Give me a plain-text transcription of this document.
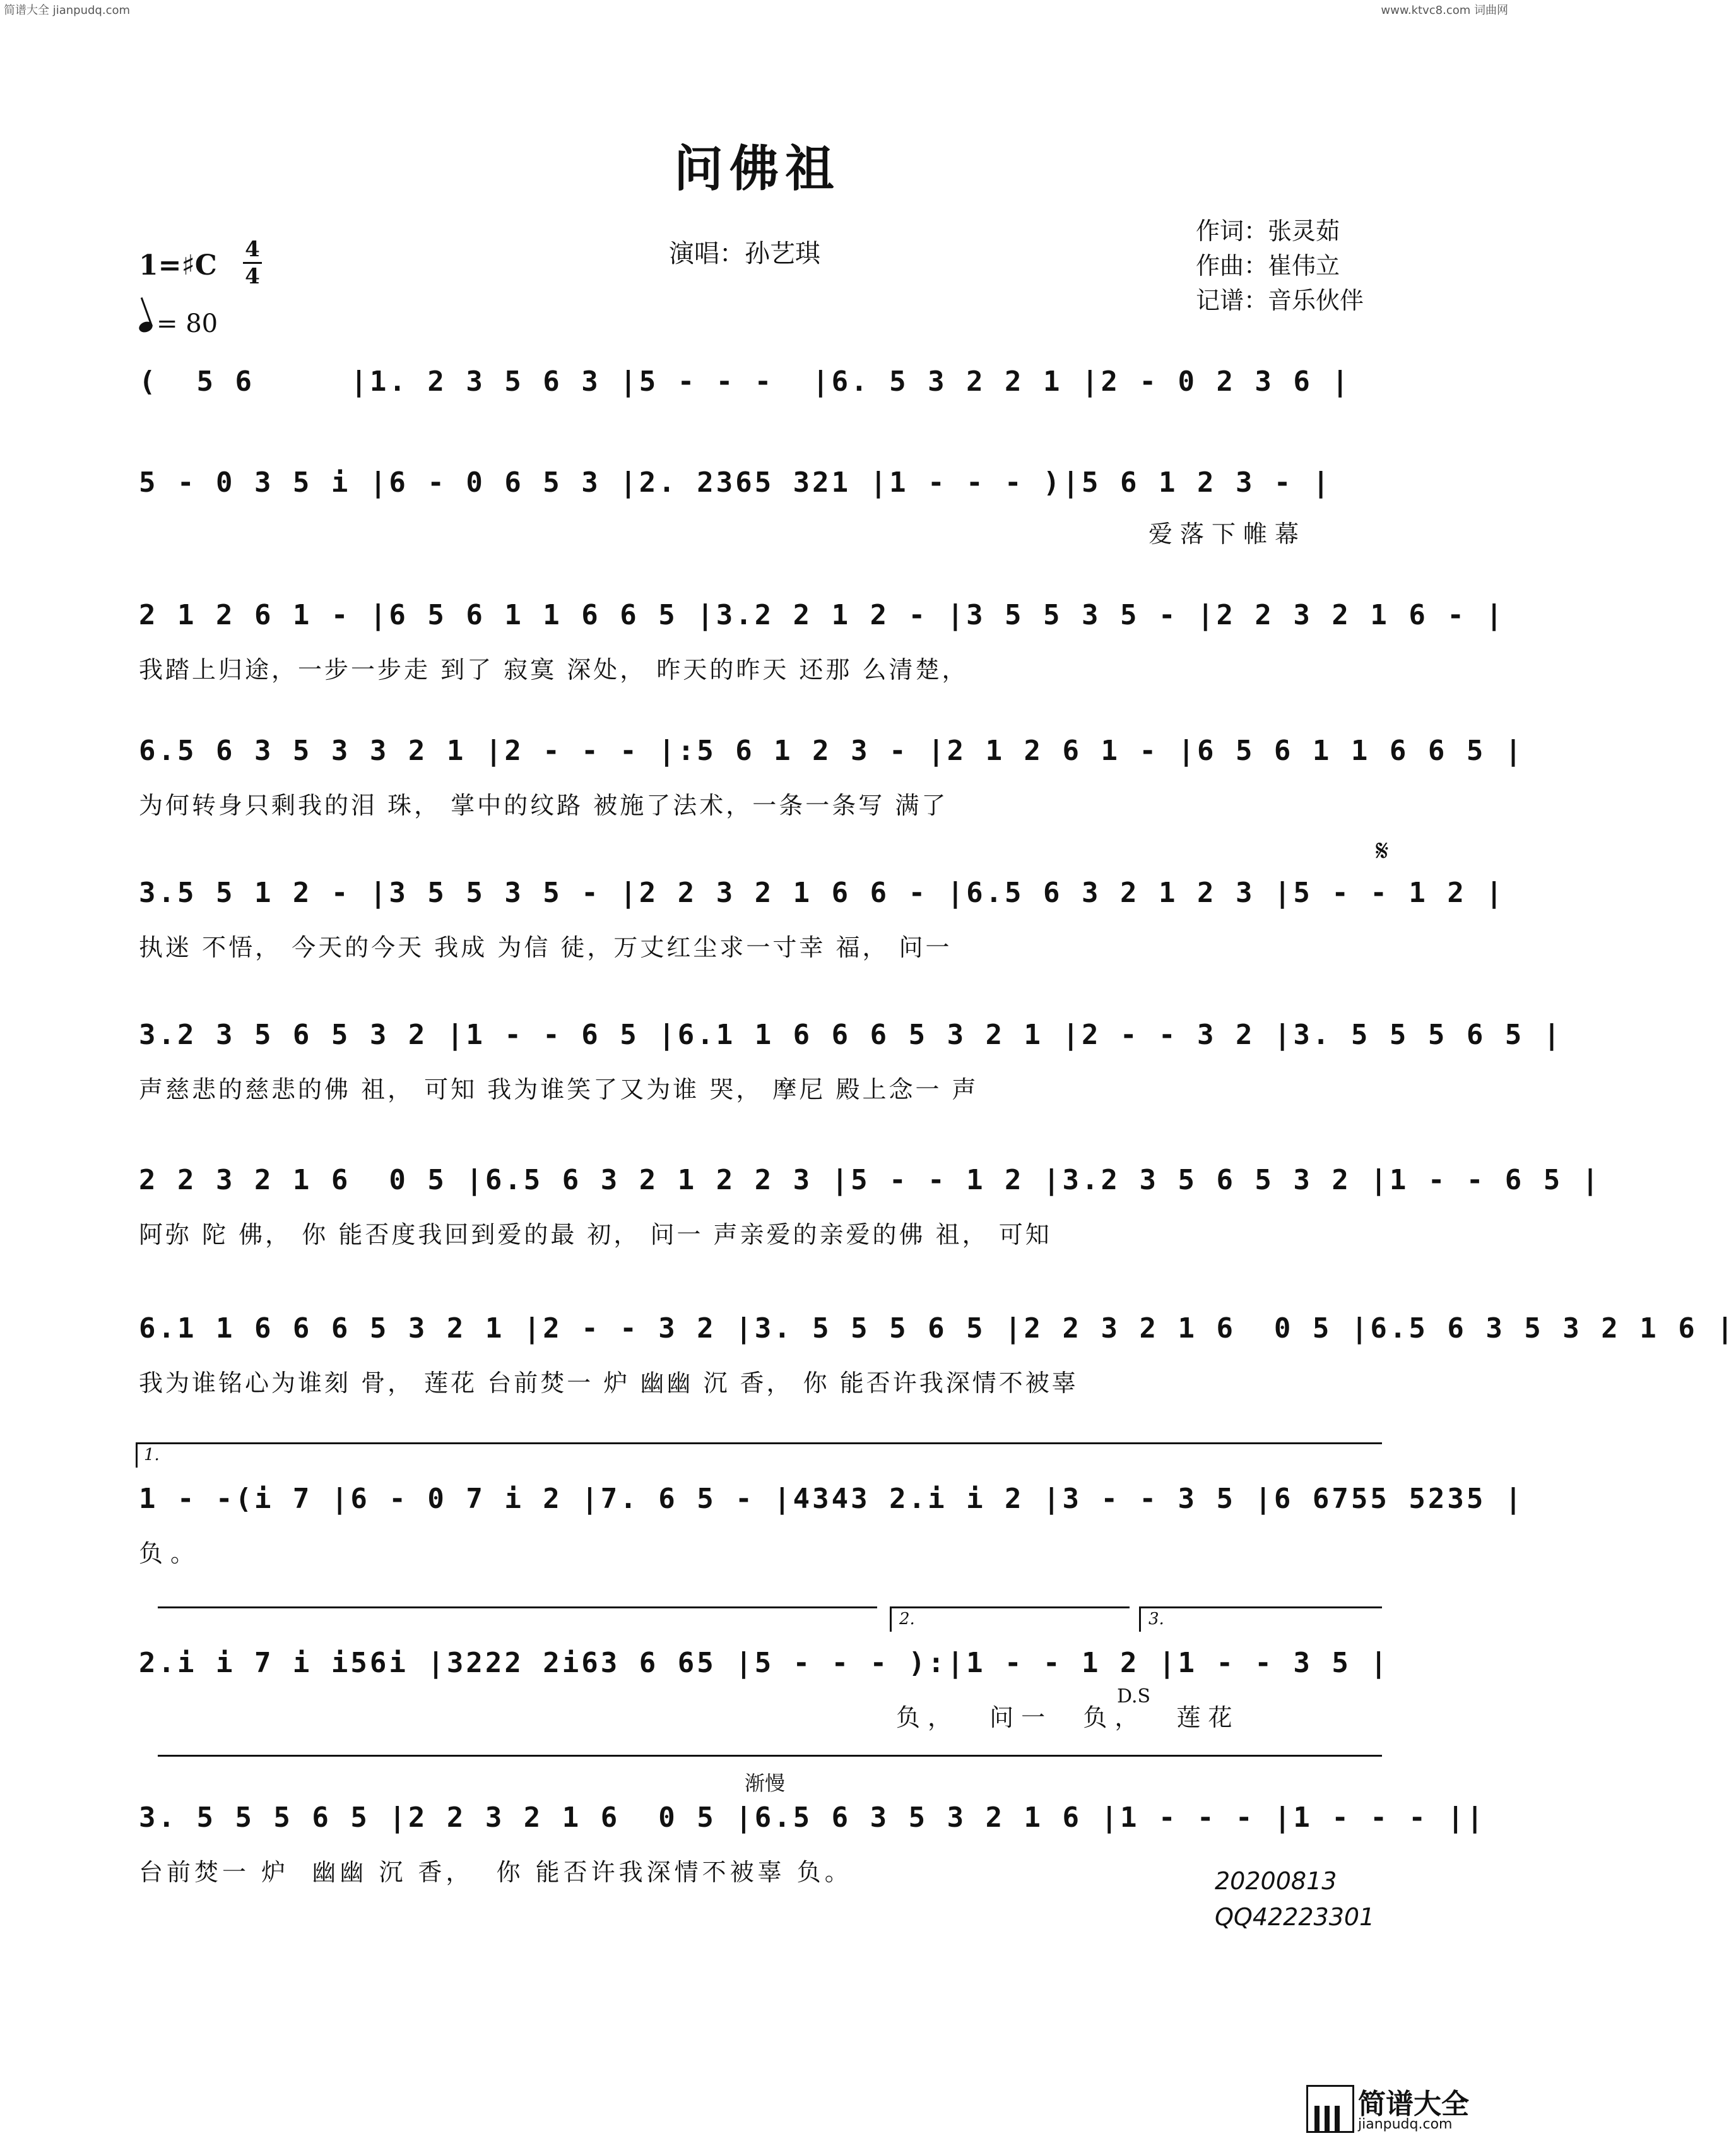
简谱大全 jianpudq.com	www.ktvc8.com 词曲网
问佛祖
演唱：孙艺琪
作词：张灵茹
作曲：崔伟立
记谱：音乐伙伴
1=♯C 4
4
= 80
(  5 6     |1. 2 3 5 6 3 |5 - - -  |6. 5 3 2 2 1 |2 - 0 2 3 6 |
5 - 0 3 5 i |6 - 0 6 5 3 |2. 2365 321 |1 - - - )|5 6 1 2 3 - |
爱落下帷幕
2 1 2 6 1 - |6 5 6 1 1 6 6 5 |3.2 2 1 2 - |3 5 5 3 5 - |2 2 3 2 1 6 - |
我踏上归途，一步一步走 到了 寂寞 深处， 昨天的昨天 还那 么清楚，
6.5 6 3 5 3 3 2 1 |2 - - - |:5 6 1 2 3 - |2 1 2 6 1 - |6 5 6 1 1 6 6 5 |
为何转身只剩我的泪 珠， 掌中的纹路 被施了法术，一条一条写 满了
3.5 5 1 2 - |3 5 5 3 5 - |2 2 3 2 1 6 6 - |6.5 6 3 2 1 2 3 |5 - - 1 2 |
执迷 不悟， 今天的今天 我成 为信 徒，万丈红尘求一寸幸 福， 问一
𝄋
3.2 3 5 6 5 3 2 |1 - - 6 5 |6.1 1 6 6 6 5 3 2 1 |2 - - 3 2 |3. 5 5 5 6 5 |
声慈悲的慈悲的佛 祖， 可知 我为谁笑了又为谁 哭， 摩尼 殿上念一 声
2 2 3 2 1 6  0 5 |6.5 6 3 2 1 2 2 3 |5 - - 1 2 |3.2 3 5 6 5 3 2 |1 - - 6 5 |
阿弥 陀 佛， 你 能否度我回到爱的最 初， 问一 声亲爱的亲爱的佛 祖， 可知
6.1 1 6 6 6 5 3 2 1 |2 - - 3 2 |3. 5 5 5 6 5 |2 2 3 2 1 6  0 5 |6.5 6 3 5 3 2 1 6 |
我为谁铭心为谁刻 骨， 莲花 台前焚一 炉 幽幽 沉 香， 你 能否许我深情不被辜
1.
1 - -(i 7 |6 - 0 7 i 2 |7. 6 5 - |4343 2.i i 2 |3 - - 3 5 |6 6755 5235 |
负。
2.	3.
2.i i 7 i i56i |3222 2i63 6 65 |5 - - - ):|1 - - 1 2 |1 - - 3 5 |
负，  问一  负，  莲花
D.S
渐慢
3. 5 5 5 6 5 |2 2 3 2 1 6  0 5 |6.5 6 3 5 3 2 1 6 |1 - - - |1 - - - ||
台前焚一 炉  幽幽 沉 香，  你 能否许我深情不被辜 负。	20200813
QQ42223301
简谱大全
jianpudq.com
